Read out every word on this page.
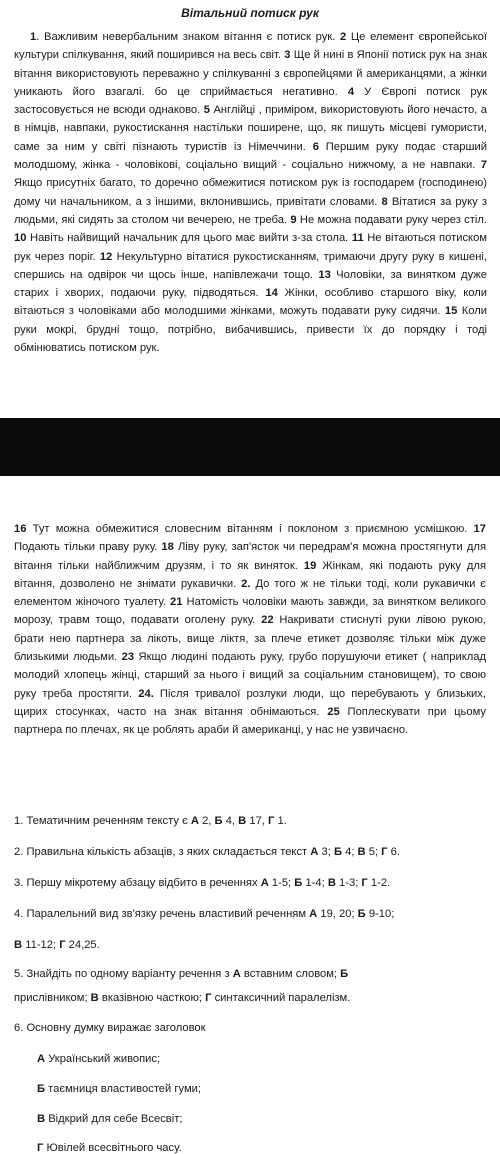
Вітальний потиск рук

1. Важливим невербальним знаком вітання є потиск рук. 2 Це елемент європейської культури спілкування, який поширився на весь світ. 3 Ще й нині в Японії потиск рук на знак вітання використовують переважно у спілкуванні з європейцями й американцями, а жінки уникають його взагалі. бо це сприймається негативно. 4 У Європі потиск рук застосовується не всюди однаково. 5 Англійці , приміром, використовують його нечасто, а в німців, навпаки, рукостискання настільки поширене, що, як пишуть місцеві гумористи, саме за ним у світі пізнають туристів із Німеччини. 6 Першим руку подає старший молодшому, жінка - чоловікові, соціально вищий - соціально нижчому, а не навпаки. 7 Якщо присутніх багато, то доречно обмежитися потиском рук із господарем (господинею) дому чи начальником, а з іншими, вклонившись, привітати словами. 8 Вітатися за руку з людьми, які сидять за столом чи вечерею, не треба. 9 Не можна подавати руку через стіл. 10 Навіть найвищий начальник для цього має вийти з-за стола. 11 Не вітаються потиском рук через поріг. 12 Некультурно вітатися рукостисканням, тримаючи другу руку в кишені, спершись на одвірок чи щось інше, напівлежачи тощо. 13 Чоловіки, за винятком дуже старих і хворих, подаючи руку, підводяться. 14 Жінки, особливо старшого віку, коли вітаються з чоловіками або молодшими жінками, можуть подавати руку сидячи. 15 Коли руки мокрі, брудні тощо, потрібно, вибачившись, привести їх до порядку і тоді обмінюватись потиском рук.

16 Тут можна обмежитися словесним вітанням і поклоном з приємною усмішкою. 17 Подають тільки праву руку. 18 Ліву руку, зап'ясток чи передрам'я можна простягнути для вітання тільки найближчим друзям, і то як виняток. 19 Жінкам, які подають руку для вітання, дозволено не знімати рукавички. 2. До того ж не тільки тоді, коли рукавички є елементом жіночого туалету. 21 Натомість чоловіки мають завжди, за винятком великого морозу, травм тощо, подавати оголену руку. 22 Накривати стиснуті руки лівою рукою, брати нею партнера за лікоть, вище ліктя, за плече етикет дозволяє тільки між дуже близькими людьми. 23 Якщо людині подають руку, грубо порушуючи етикет ( наприклад молодий хлопець жінці, старший за нього і вищий за соціальним становищем), то свою руку треба простягти. 24. Після тривалої розлуки люди, що перебувають у близьких, щирих стосунках, часто на знак вітання обнімаються. 25 Поплескувати при цьому партнера по плечах, як це роблять араби й американці, у нас не узвичаєно.

1. Тематичним реченням тексту є А 2, Б 4, В 17, Г 1.
2. Правильна кількість абзаців, з яких складається текст А 3; Б 4; В 5; Г 6.
3. Першу мікротему абзацу відбито в реченнях А 1-5; Б 1-4; В 1-3; Г 1-2.
4. Паралельний вид зв'язку речень властивий реченням А 19, 20; Б 9-10;
В 11-12; Г 24,25.
5. Знайдіть по одному варіанту речення з А вставним словом; Б
прислівником; В вказівною часткою; Г синтаксичний паралелізм.
6. Основну думку виражає заголовок
А Український живопис;
Б таємниця властивостей гуми;
В Відкрий для себе Всесвіт;
Г Ювілей всесвітнього часу.
